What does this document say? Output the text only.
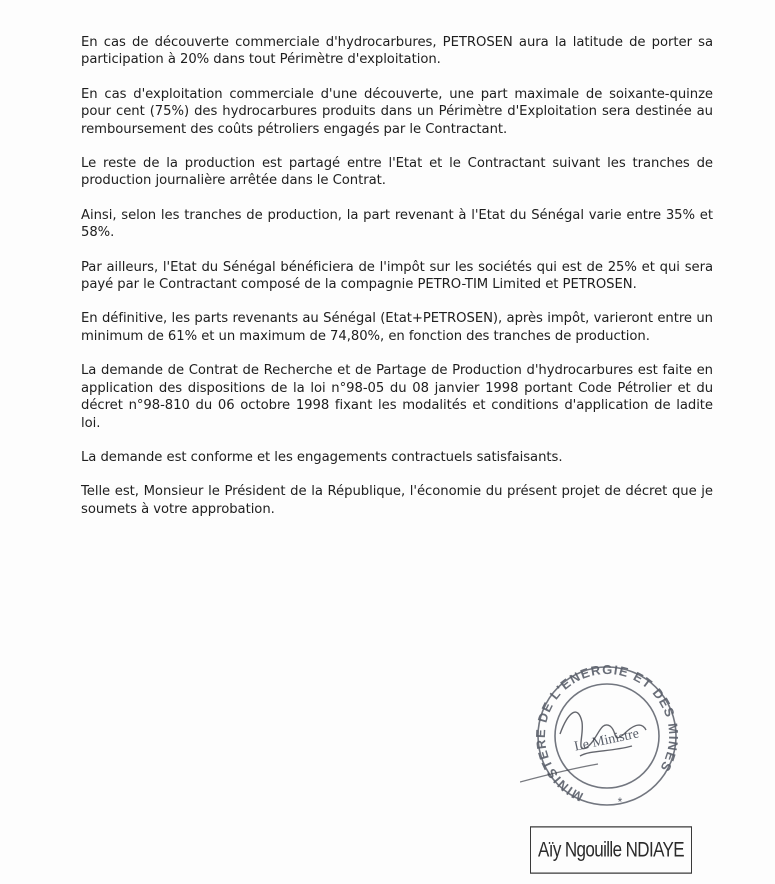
En cas de découverte commerciale d'hydrocarbures, PETROSEN aura la latitude de porter sa participation à 20% dans tout Périmètre d'exploitation.

En cas d'exploitation commerciale d'une découverte, une part maximale de soixante-quinze pour cent (75%) des hydrocarbures produits dans un Périmètre d'Exploitation sera destinée au remboursement des coûts pétroliers engagés par le Contractant.

Le reste de la production est partagé entre l'Etat et le Contractant suivant les tranches de production journalière arrêtée dans le Contrat.

Ainsi, selon les tranches de production, la part revenant à l'Etat du Sénégal varie entre 35% et 58%.

Par ailleurs, l'Etat du Sénégal bénéficiera de l'impôt sur les sociétés qui est de 25% et qui sera payé par le Contractant composé de la compagnie PETRO-TIM Limited et PETROSEN.

En définitive, les parts revenants au Sénégal (Etat+PETROSEN), après impôt, varieront entre un minimum de 61% et un maximum de 74,80%, en fonction des tranches de production.

La demande de Contrat de Recherche et de Partage de Production d'hydrocarbures est faite en application des dispositions de la loi n°98-05 du 08 janvier 1998 portant Code Pétrolier et du décret n°98-810 du 06 octobre 1998 fixant les modalités et conditions d'application de ladite loi.

La demande est conforme et les engagements contractuels satisfaisants.

Telle est, Monsieur le Président de la République, l'économie du présent projet de décret que je soumets à votre approbation.

MINISTERE DE L'ENERGIE ET DES MINES
Le Ministre
*
Aïy Ngouille NDIAYE
